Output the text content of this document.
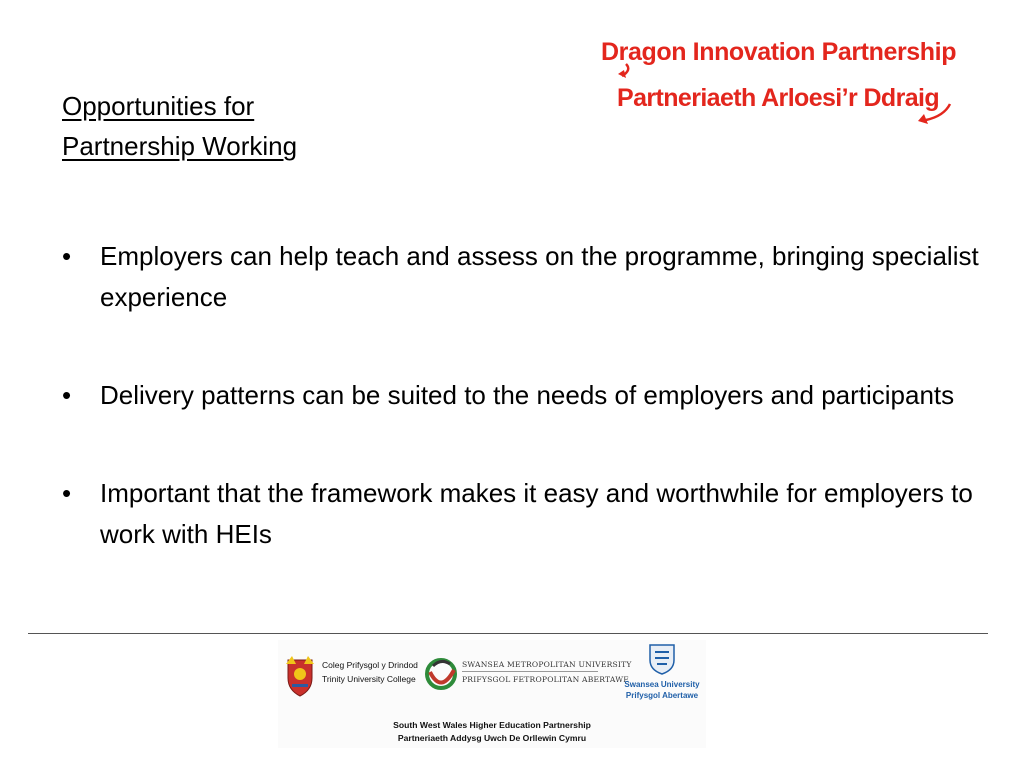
Opportunities for
Partnership Working
Dragon Innovation Partnership
Partneriaeth Arloesi’r Ddraig
• Employers can help teach and assess on the programme, bringing specialist experience
• Delivery patterns can be suited to the needs of employers and participants
• Important that the framework makes it easy and worthwhile for employers to work with HEIs
Coleg Prifysgol y Drindod
Trinity University College
SWANSEA METROPOLITAN UNIVERSITY
PRIFYSGOL FETROPOLITAN ABERTAWE
Swansea University
Prifysgol Abertawe
South West Wales Higher Education Partnership
Partneriaeth Addysg Uwch De Orllewin Cymru
